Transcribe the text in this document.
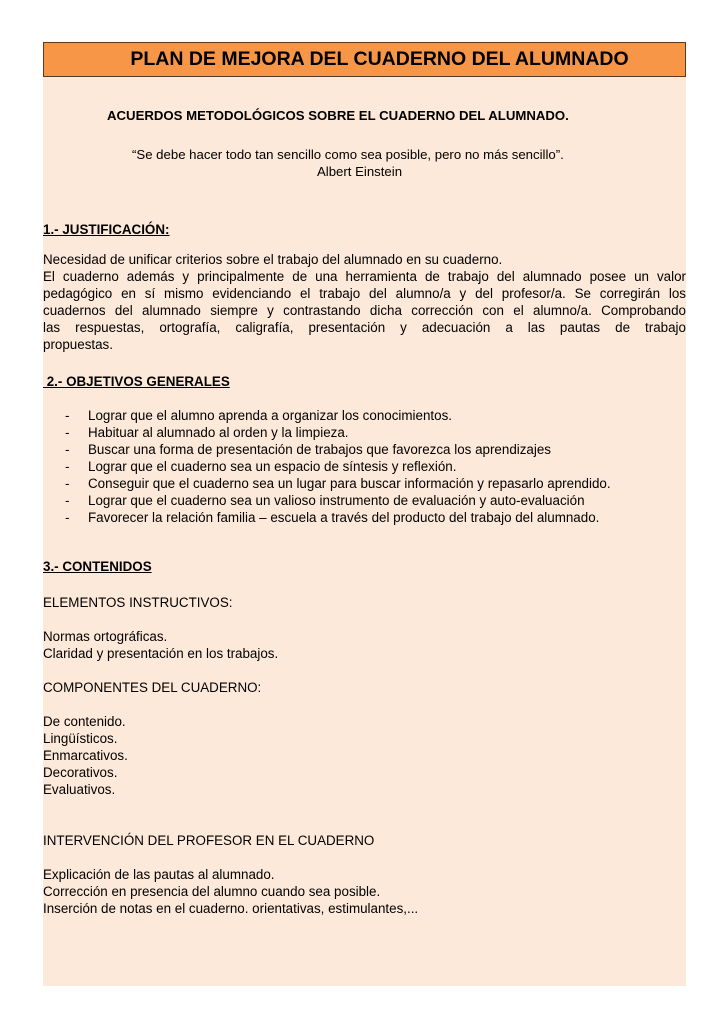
PLAN DE MEJORA DEL CUADERNO DEL ALUMNADO
ACUERDOS METODOLÓGICOS SOBRE EL CUADERNO DEL ALUMNADO.
“Se debe hacer todo tan sencillo como sea posible, pero no más sencillo”.
Albert Einstein
1.- JUSTIFICACIÓN:
Necesidad de unificar criterios sobre el trabajo del alumnado en su cuaderno.
El cuaderno además y principalmente de una herramienta de trabajo del alumnado posee un valor
pedagógico en sí mismo evidenciando el trabajo del alumno/a y del profesor/a. Se corregirán los
cuadernos del alumnado siempre y contrastando dicha corrección con el alumno/a. Comprobando
las respuestas, ortografía, caligrafía, presentación y adecuación a las pautas de trabajo
propuestas.
2.- OBJETIVOS GENERALES
- Lograr que el alumno aprenda a organizar los conocimientos.
- Habituar al alumnado al orden y la limpieza.
- Buscar una forma de presentación de trabajos que favorezca los aprendizajes
- Lograr que el cuaderno sea un espacio de síntesis y reflexión.
- Conseguir que el cuaderno sea un lugar para buscar información y repasarlo aprendido.
- Lograr que el cuaderno sea un valioso instrumento de evaluación y auto-evaluación
- Favorecer la relación familia – escuela a través del producto del trabajo del alumnado.
3.- CONTENIDOS
ELEMENTOS INSTRUCTIVOS:
Normas ortográficas.
Claridad y presentación en los trabajos.
COMPONENTES DEL CUADERNO:
De contenido.
Lingüísticos.
Enmarcativos.
Decorativos.
Evaluativos.
INTERVENCIÓN DEL PROFESOR EN EL CUADERNO
Explicación de las pautas al alumnado.
Corrección en presencia del alumno cuando sea posible.
Inserción de notas en el cuaderno. orientativas, estimulantes,...
